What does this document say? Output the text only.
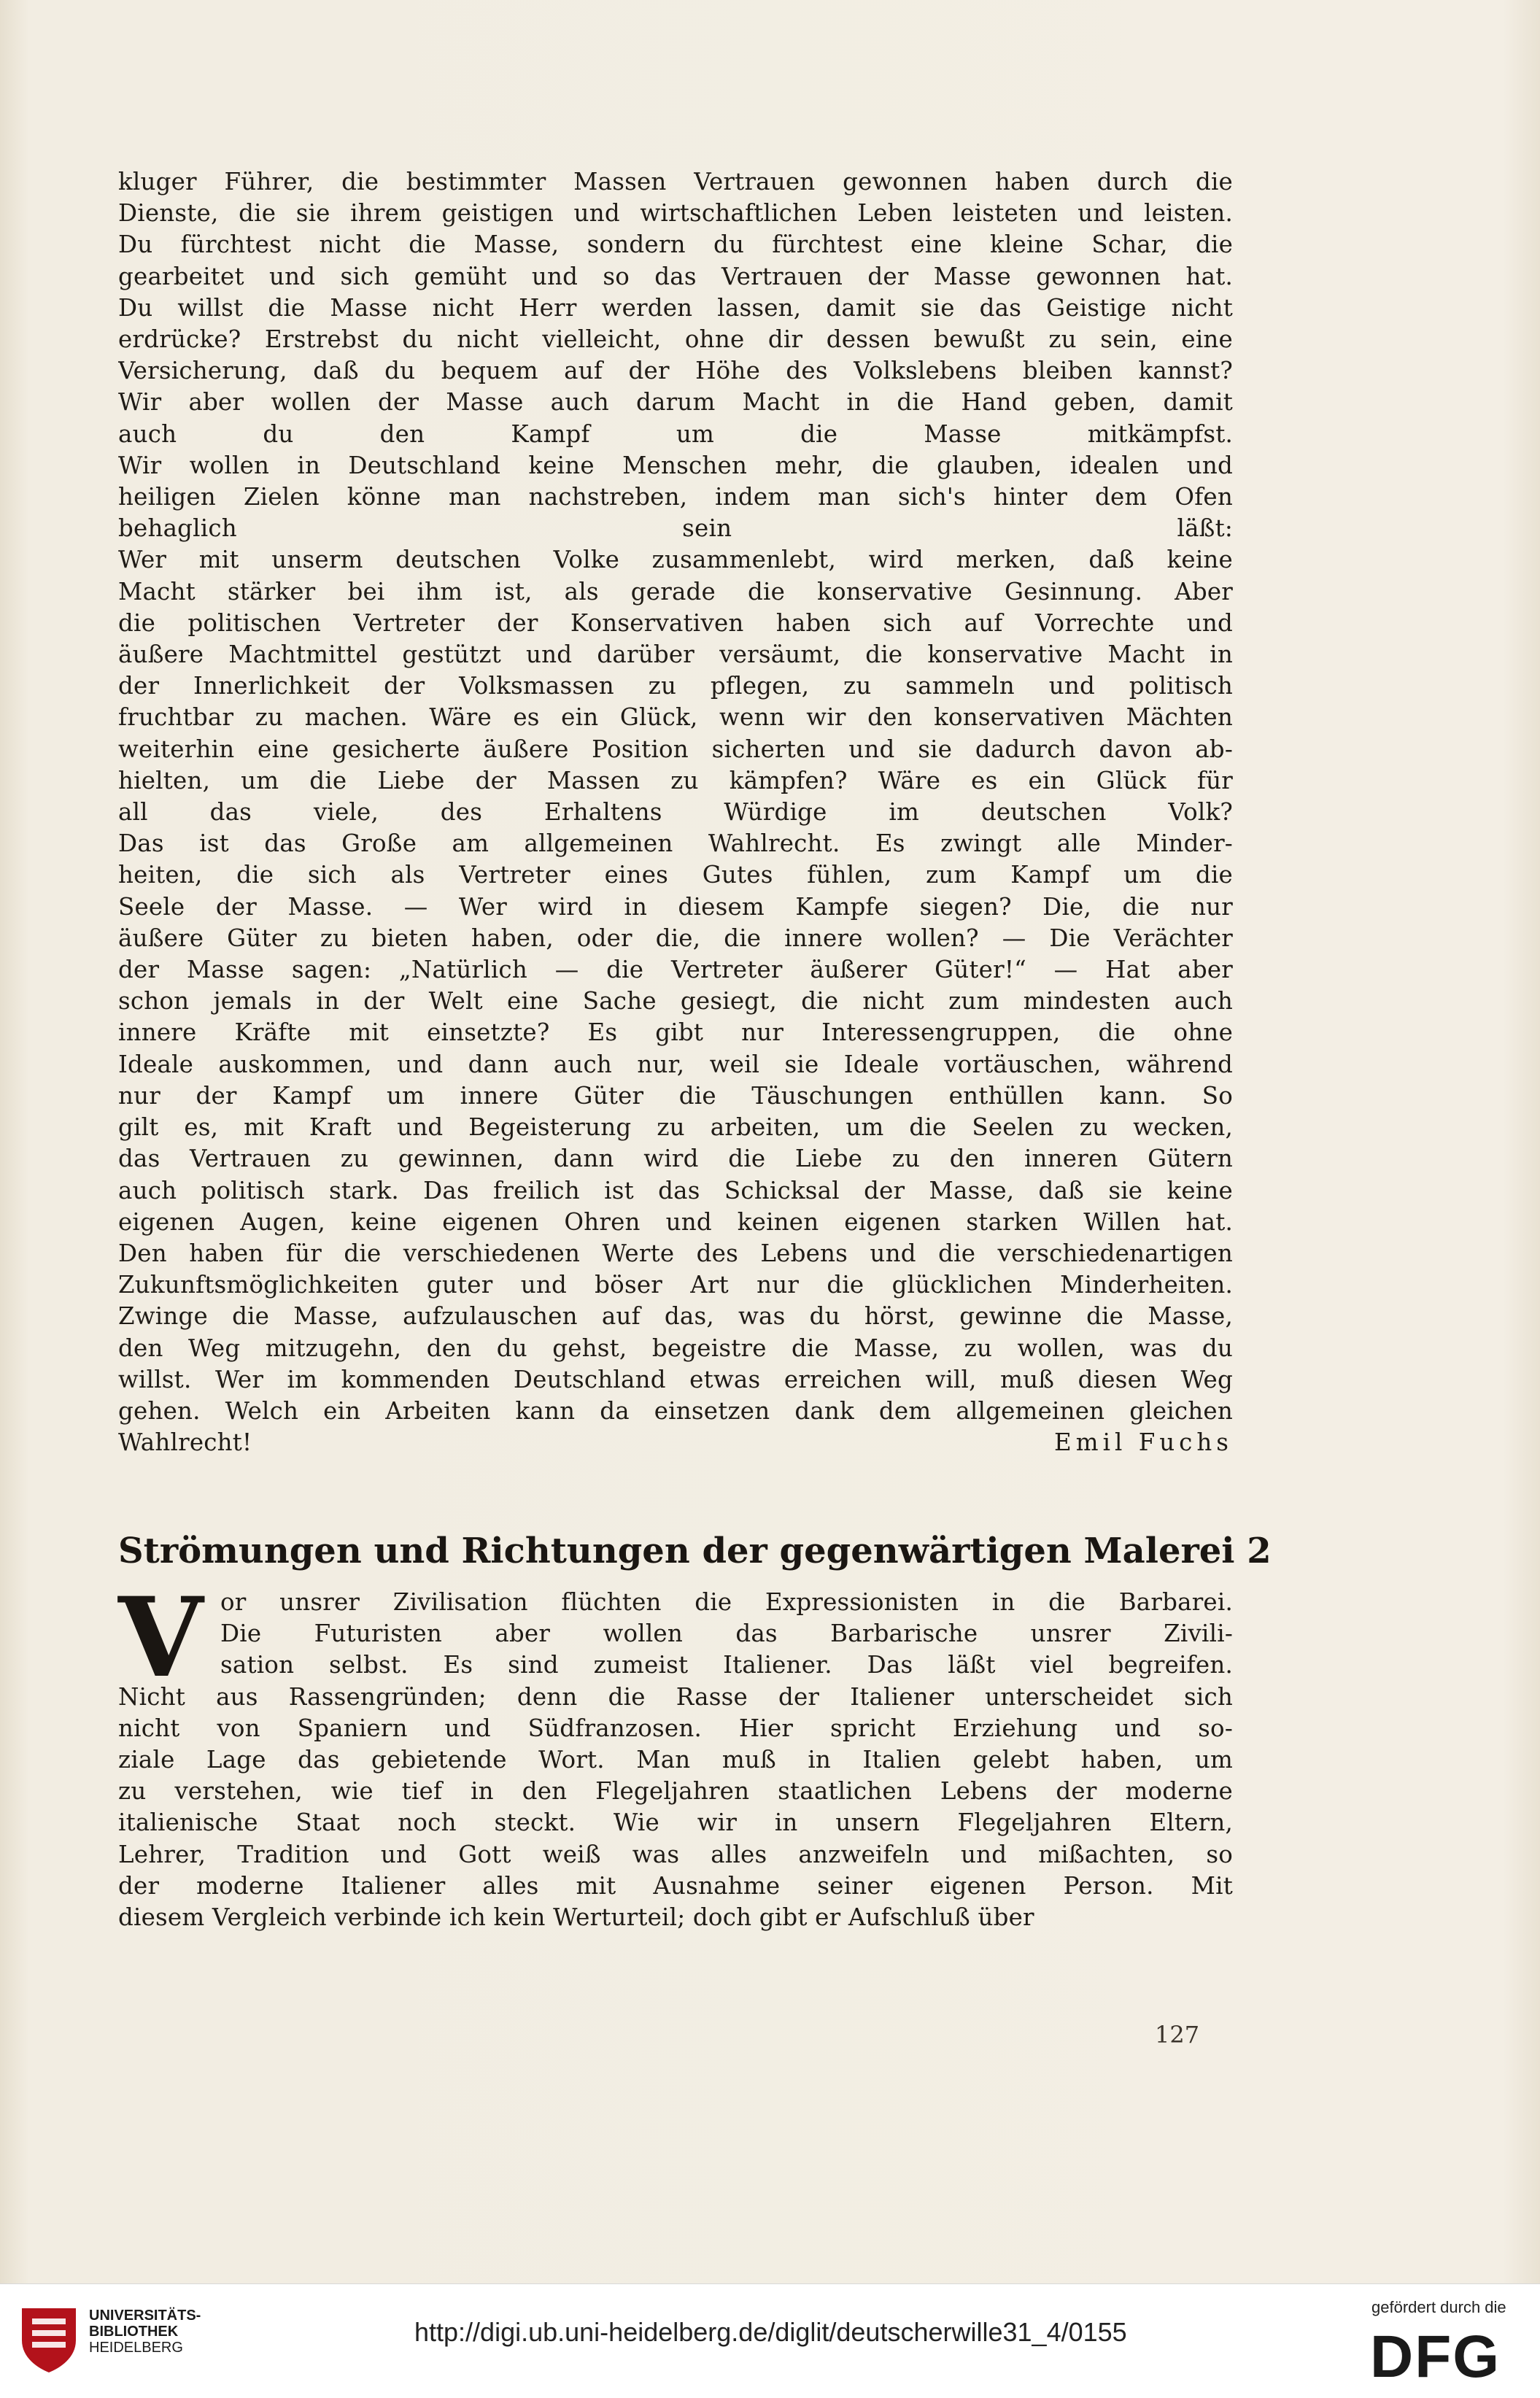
kluger Führer, die bestimmter Massen Vertrauen gewonnen haben durch die

Dienste, die sie ihrem geistigen und wirtschaftlichen Leben leisteten und leisten.

Du fürchtest nicht die Masse, sondern du fürchtest eine kleine Schar, die

gearbeitet und sich gemüht und so das Vertrauen der Masse gewonnen hat.

Du willst die Masse nicht Herr werden lassen, damit sie das Geistige nicht

erdrücke? Erstrebst du nicht vielleicht, ohne dir dessen bewußt zu sein, eine

Versicherung, daß du bequem auf der Höhe des Volkslebens bleiben kannst?

Wir aber wollen der Masse auch darum Macht in die Hand geben, damit

auch du den Kampf um die Masse mitkämpfst.

Wir wollen in Deutschland keine Menschen mehr, die glauben, idealen und

heiligen Zielen könne man nachstreben, indem man sich's hinter dem Ofen

behaglich sein läßt:

Wer mit unserm deutschen Volke zusammenlebt, wird merken, daß keine

Macht stärker bei ihm ist, als gerade die konservative Gesinnung. Aber

die politischen Vertreter der Konservativen haben sich auf Vorrechte und

äußere Machtmittel gestützt und darüber versäumt, die konservative Macht in

der Innerlichkeit der Volksmassen zu pflegen, zu sammeln und politisch

fruchtbar zu machen. Wäre es ein Glück, wenn wir den konservativen Mächten

weiterhin eine gesicherte äußere Position sicherten und sie dadurch davon ab-

hielten, um die Liebe der Massen zu kämpfen? Wäre es ein Glück für

all das viele, des Erhaltens Würdige im deutschen Volk?

Das ist das Große am allgemeinen Wahlrecht. Es zwingt alle Minder-

heiten, die sich als Vertreter eines Gutes fühlen, zum Kampf um die

Seele der Masse. — Wer wird in diesem Kampfe siegen? Die, die nur

äußere Güter zu bieten haben, oder die, die innere wollen? — Die Verächter

der Masse sagen: „Natürlich — die Vertreter äußerer Güter!“ — Hat aber

schon jemals in der Welt eine Sache gesiegt, die nicht zum mindesten auch

innere Kräfte mit einsetzte? Es gibt nur Interessengruppen, die ohne

Ideale auskommen, und dann auch nur, weil sie Ideale vortäuschen, während

nur der Kampf um innere Güter die Täuschungen enthüllen kann. So

gilt es, mit Kraft und Begeisterung zu arbeiten, um die Seelen zu wecken,

das Vertrauen zu gewinnen, dann wird die Liebe zu den inneren Gütern

auch politisch stark. Das freilich ist das Schicksal der Masse, daß sie keine

eigenen Augen, keine eigenen Ohren und keinen eigenen starken Willen hat.

Den haben für die verschiedenen Werte des Lebens und die verschiedenartigen

Zukunftsmöglichkeiten guter und böser Art nur die glücklichen Minderheiten.

Zwinge die Masse, aufzulauschen auf das, was du hörst, gewinne die Masse,

den Weg mitzugehn, den du gehst, begeistre die Masse, zu wollen, was du

willst. Wer im kommenden Deutschland etwas erreichen will, muß diesen Weg

gehen. Welch ein Arbeiten kann da einsetzen dank dem allgemeinen gleichen

Wahlrecht!	Emil Fuchs
Strömungen und Richtungen der gegenwärtigen Malerei 2
V or unsrer Zivilisation flüchten die Expressionisten in die Barbarei.

Die Futuristen aber wollen das Barbarische unsrer Zivili-

sation selbst. Es sind zumeist Italiener. Das läßt viel begreifen.

Nicht aus Rassengründen; denn die Rasse der Italiener unterscheidet sich

nicht von Spaniern und Südfranzosen. Hier spricht Erziehung und so-

ziale Lage das gebietende Wort. Man muß in Italien gelebt haben, um

zu verstehen, wie tief in den Flegeljahren staatlichen Lebens der moderne

italienische Staat noch steckt. Wie wir in unsern Flegeljahren Eltern,

Lehrer, Tradition und Gott weiß was alles anzweifeln und mißachten, so

der moderne Italiener alles mit Ausnahme seiner eigenen Person. Mit

diesem Vergleich verbinde ich kein Werturteil; doch gibt er Aufschluß über

127
UNIVERSITÄTS-
BIBLIOTHEK
HEIDELBERG
http://digi.ub.uni-heidelberg.de/diglit/deutscherwille31_4/0155
gefördert durch die
DFG
